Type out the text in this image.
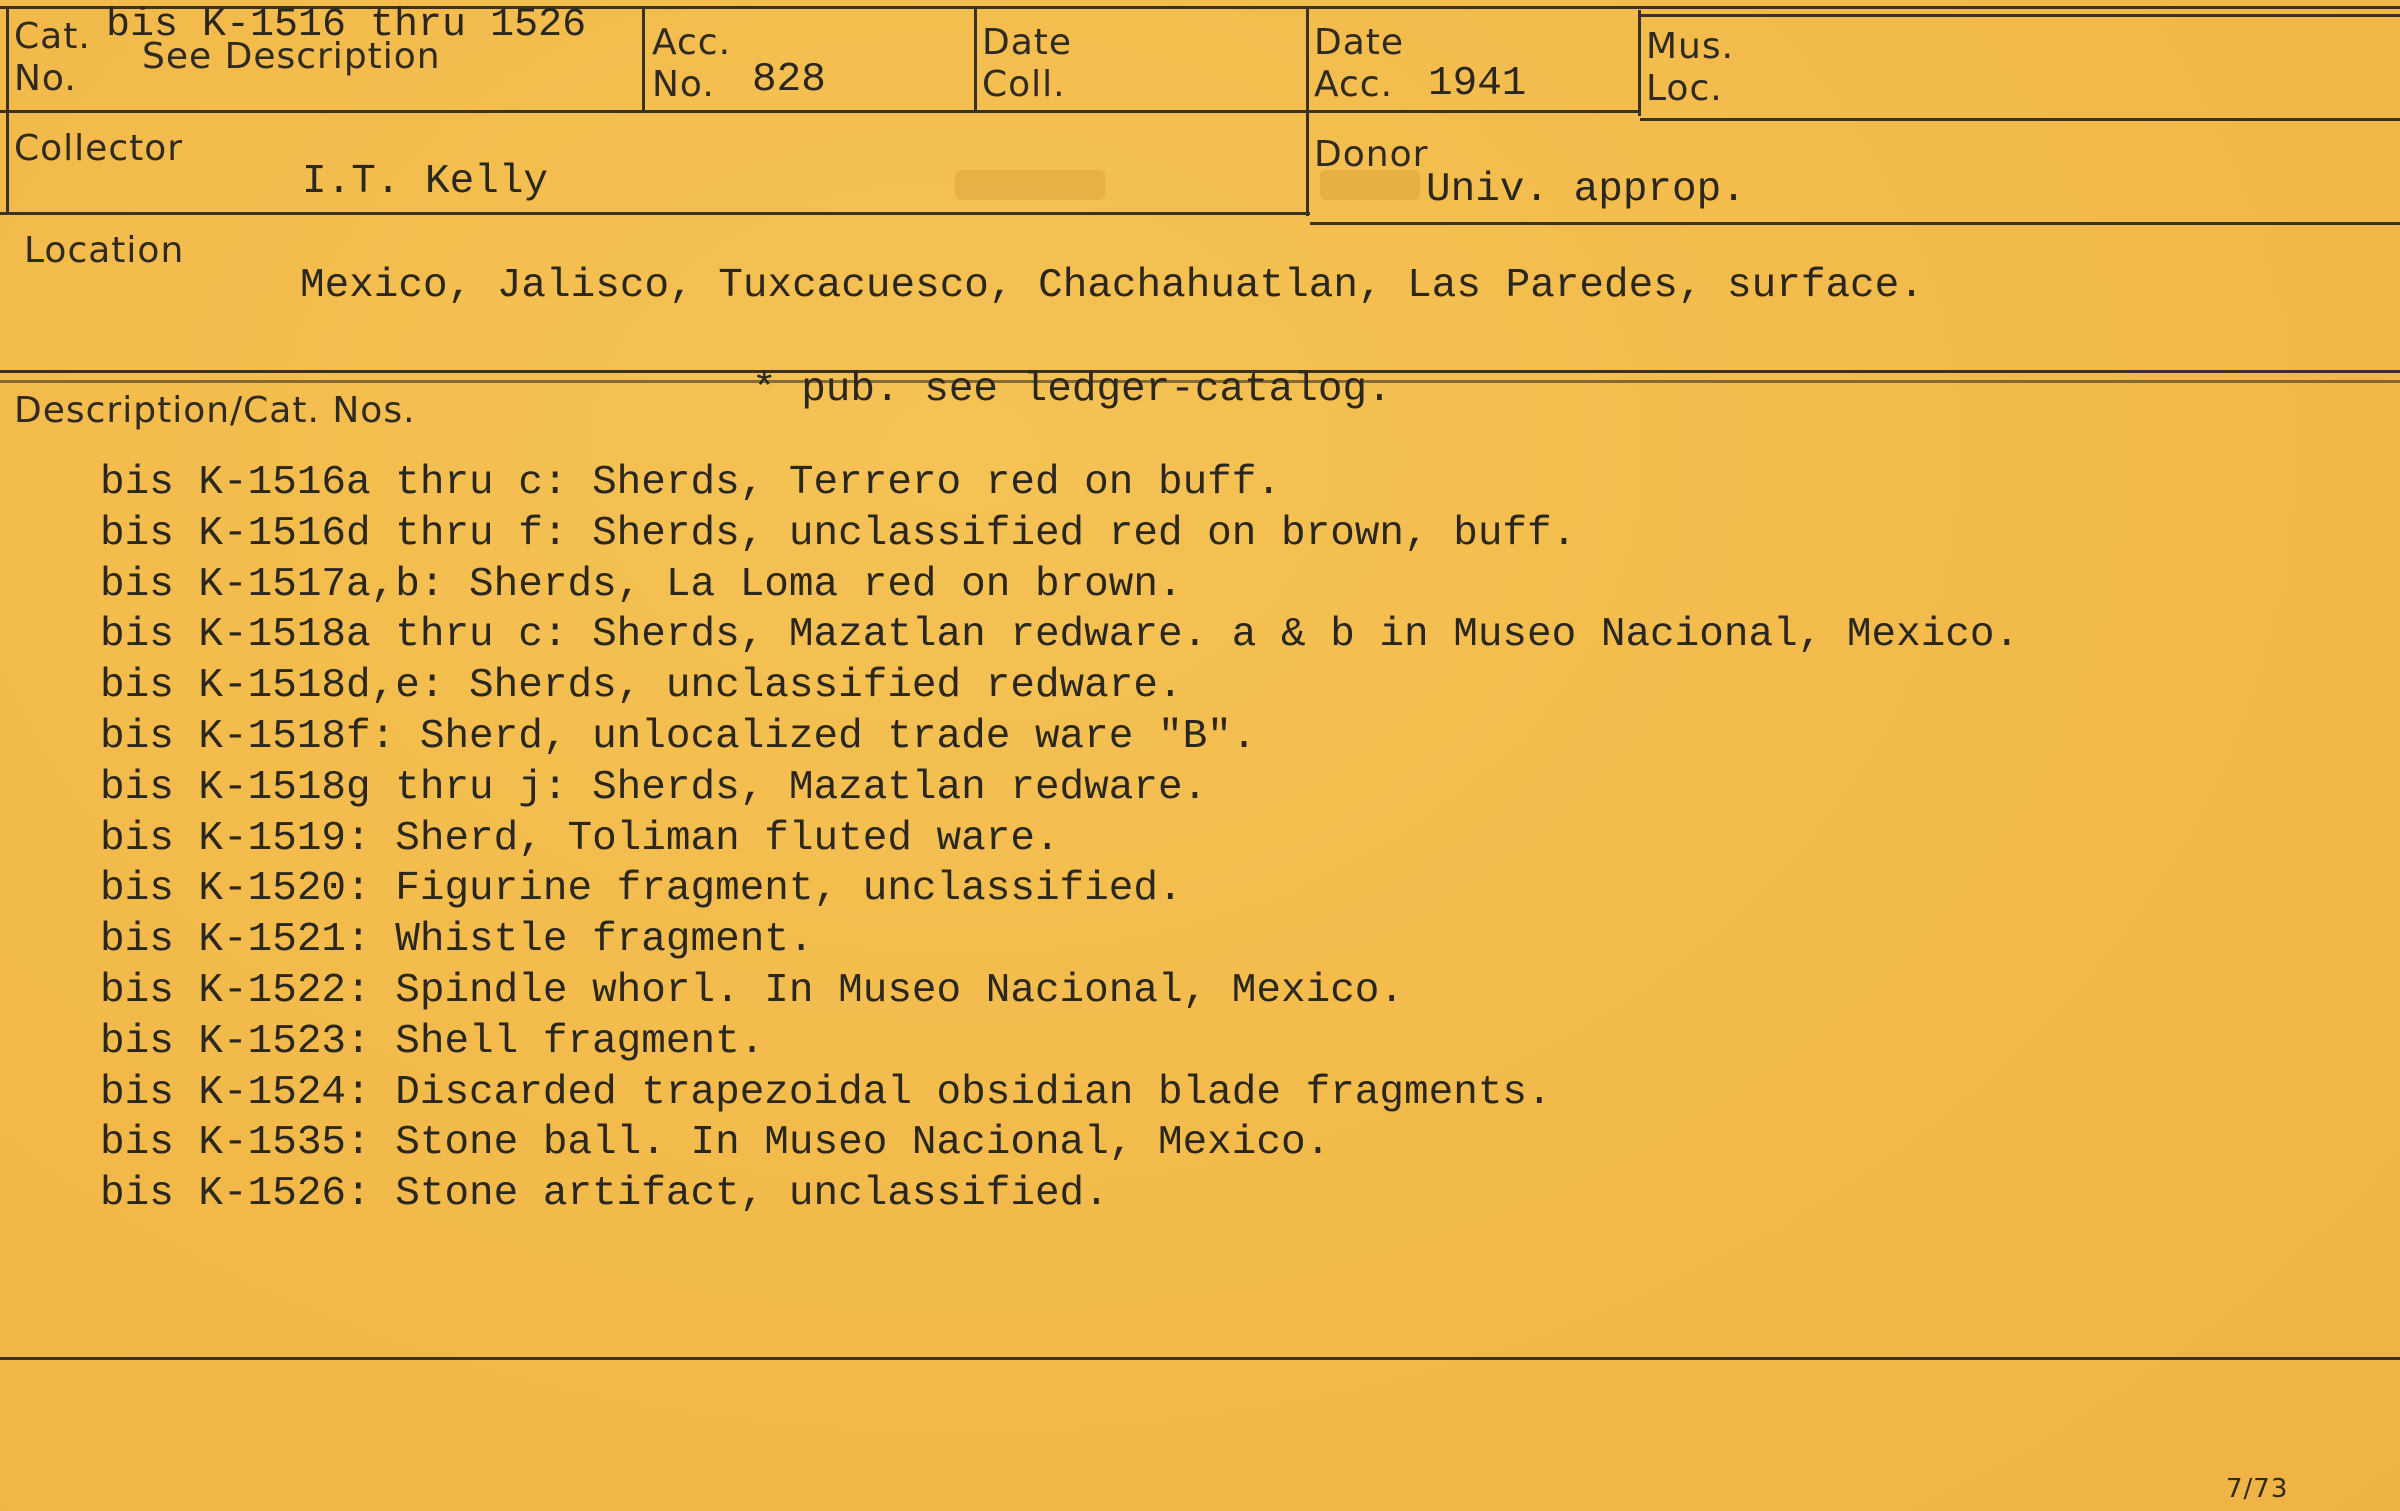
Cat.
No.
bis K-1516 thru 1526
See Description	Acc.
No. 828
Date
Coll.
Date
Acc. 1941
Mus.
Loc.
Collector
I.T. Kelly
Donor
Univ. approp.
Location
Mexico, Jalisco, Tuxcacuesco, Chachahuatlan, Las Paredes, surface.
Description/Cat. Nos.	* pub. see ledger-catalog.
bis K-1516a thru c: Sherds, Terrero red on buff.
bis K-1516d thru f: Sherds, unclassified red on brown, buff.
bis K-1517a,b: Sherds, La Loma red on brown.
bis K-1518a thru c: Sherds, Mazatlan redware. a & b in Museo Nacional, Mexico.
bis K-1518d,e: Sherds, unclassified redware.
bis K-1518f: Sherd, unlocalized trade ware "B".
bis K-1518g thru j: Sherds, Mazatlan redware.
bis K-1519: Sherd, Toliman fluted ware.
bis K-1520: Figurine fragment, unclassified.
bis K-1521: Whistle fragment.
bis K-1522: Spindle whorl. In Museo Nacional, Mexico.
bis K-1523: Shell fragment.
bis K-1524: Discarded trapezoidal obsidian blade fragments.
bis K-1535: Stone ball. In Museo Nacional, Mexico.
bis K-1526: Stone artifact, unclassified.
7/73
